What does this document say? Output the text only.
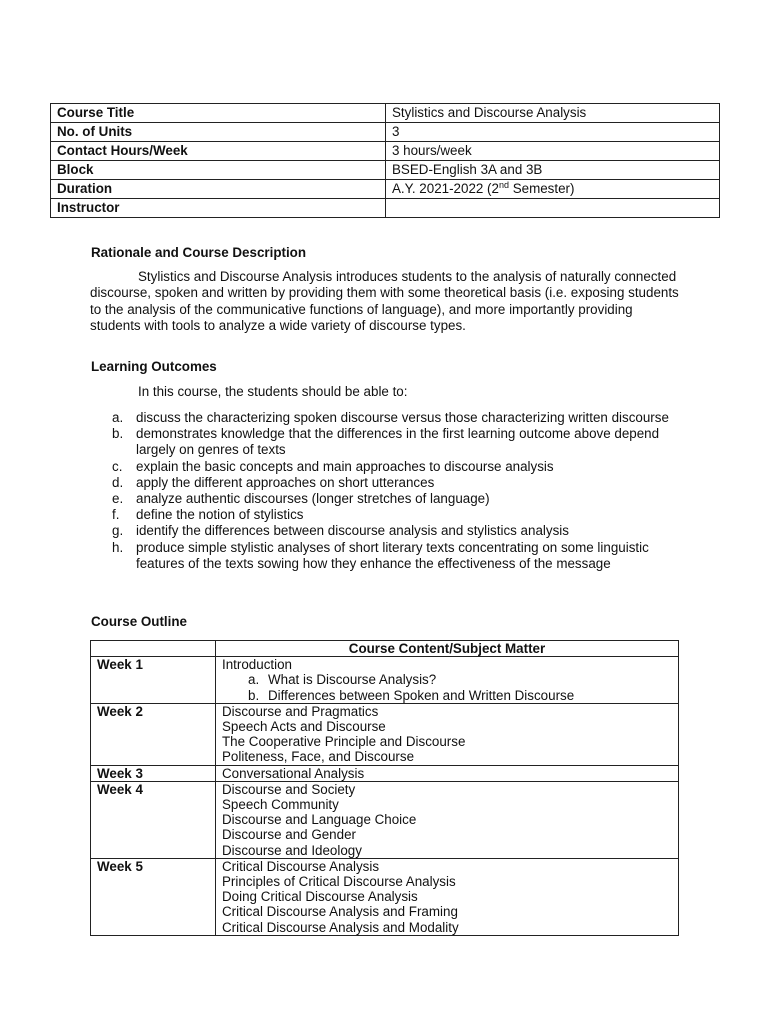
Course Title	Stylistics and Discourse Analysis
No. of Units	3
Contact Hours/Week	3 hours/week
Block	BSED-English 3A and 3B
Duration	A.Y. 2021-2022 (2nd Semester)
Instructor	
Rationale and Course Description
Stylistics and Discourse Analysis introduces students to the analysis of naturally connected discourse, spoken and written by providing them with some theoretical basis (i.e. exposing students to the analysis of the communicative functions of language), and more importantly providing students with tools to analyze a wide variety of discourse types.
Learning Outcomes
In this course, the students should be able to:
a. discuss the characterizing spoken discourse versus those characterizing written discourse
b. demonstrates knowledge that the differences in the first learning outcome above depend largely on genres of texts
c.	explain the basic concepts and main approaches to discourse analysis
d. apply the different approaches on short utterances
e. analyze authentic discourses (longer stretches of language)
f.	define the notion of stylistics
g. identify the differences between discourse analysis and stylistics analysis
h. produce simple stylistic analyses of short literary texts concentrating on some linguistic features of the texts sowing how they enhance the effectiveness of the message
Course Outline
	Course Content/Subject Matter
Week 1	Introduction
a. What is Discourse Analysis?
b. Differences between Spoken and Written Discourse

Week 2	Discourse and Pragmatics
Speech Acts and Discourse
The Cooperative Principle and Discourse
Politeness, Face, and Discourse

Week 3	Conversational Analysis

Week 4	Discourse and Society
Speech Community
Discourse and Language Choice
Discourse and Gender
Discourse and Ideology

Week 5	Critical Discourse Analysis
Principles of Critical Discourse Analysis
Doing Critical Discourse Analysis
Critical Discourse Analysis and Framing
Critical Discourse Analysis and Modality
